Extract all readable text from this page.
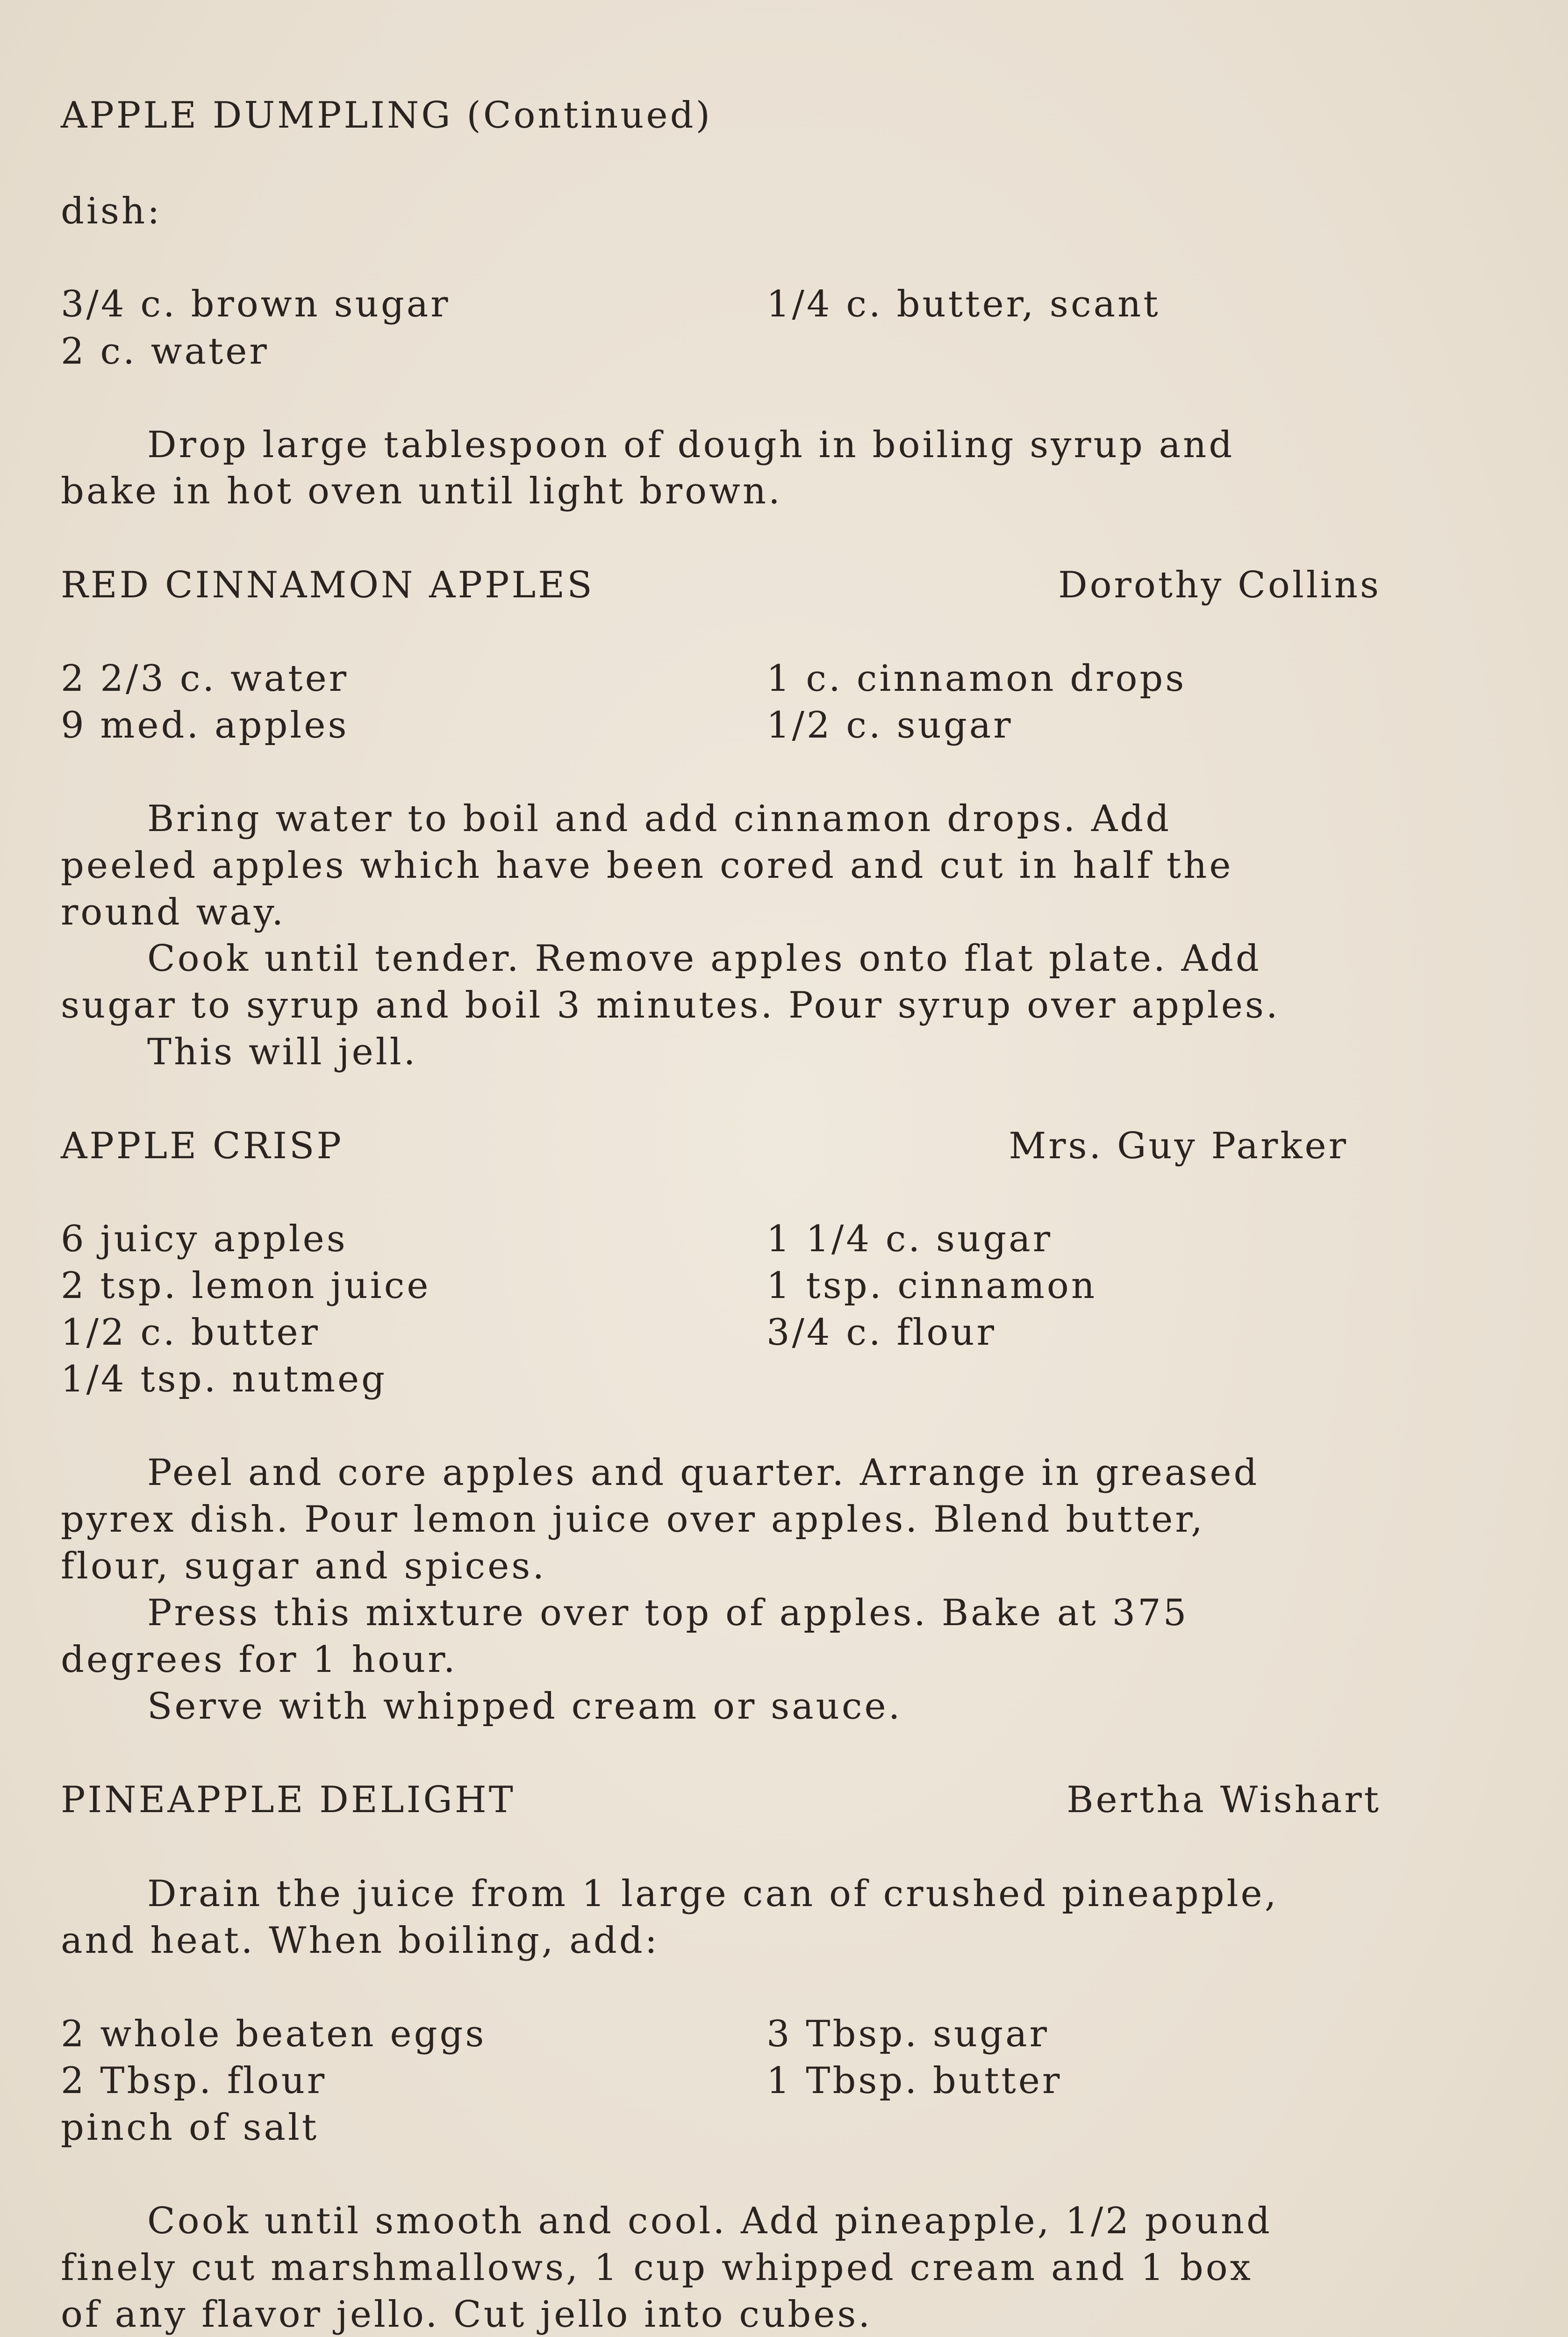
APPLE DUMPLING (Continued)
dish:
3/4 c. brown sugar	1/4 c. butter, scant
2 c. water
Drop large tablespoon of dough in boiling syrup and
bake in hot oven until light brown.
RED CINNAMON APPLES	Dorothy Collins
2 2/3 c. water	1 c. cinnamon drops
9 med. apples	1/2 c. sugar
Bring water to boil and add cinnamon drops. Add
peeled apples which have been cored and cut in half the
round way.
Cook until tender. Remove apples onto flat plate. Add
sugar to syrup and boil 3 minutes. Pour syrup over apples.
This will jell.
APPLE CRISP	Mrs. Guy Parker
6 juicy apples	1 1/4 c. sugar
2 tsp. lemon juice	1 tsp. cinnamon
1/2 c. butter	3/4 c. flour
1/4 tsp. nutmeg
Peel and core apples and quarter. Arrange in greased
pyrex dish. Pour lemon juice over apples. Blend butter,
flour, sugar and spices.
Press this mixture over top of apples. Bake at 375
degrees for 1 hour.
Serve with whipped cream or sauce.
PINEAPPLE DELIGHT	Bertha Wishart
Drain the juice from 1 large can of crushed pineapple,
and heat. When boiling, add:
2 whole beaten eggs	3 Tbsp. sugar
2 Tbsp. flour	1 Tbsp. butter
pinch of salt
Cook until smooth and cool. Add pineapple, 1/2 pound
finely cut marshmallows, 1 cup whipped cream and 1 box
of any flavor jello. Cut jello into cubes.
